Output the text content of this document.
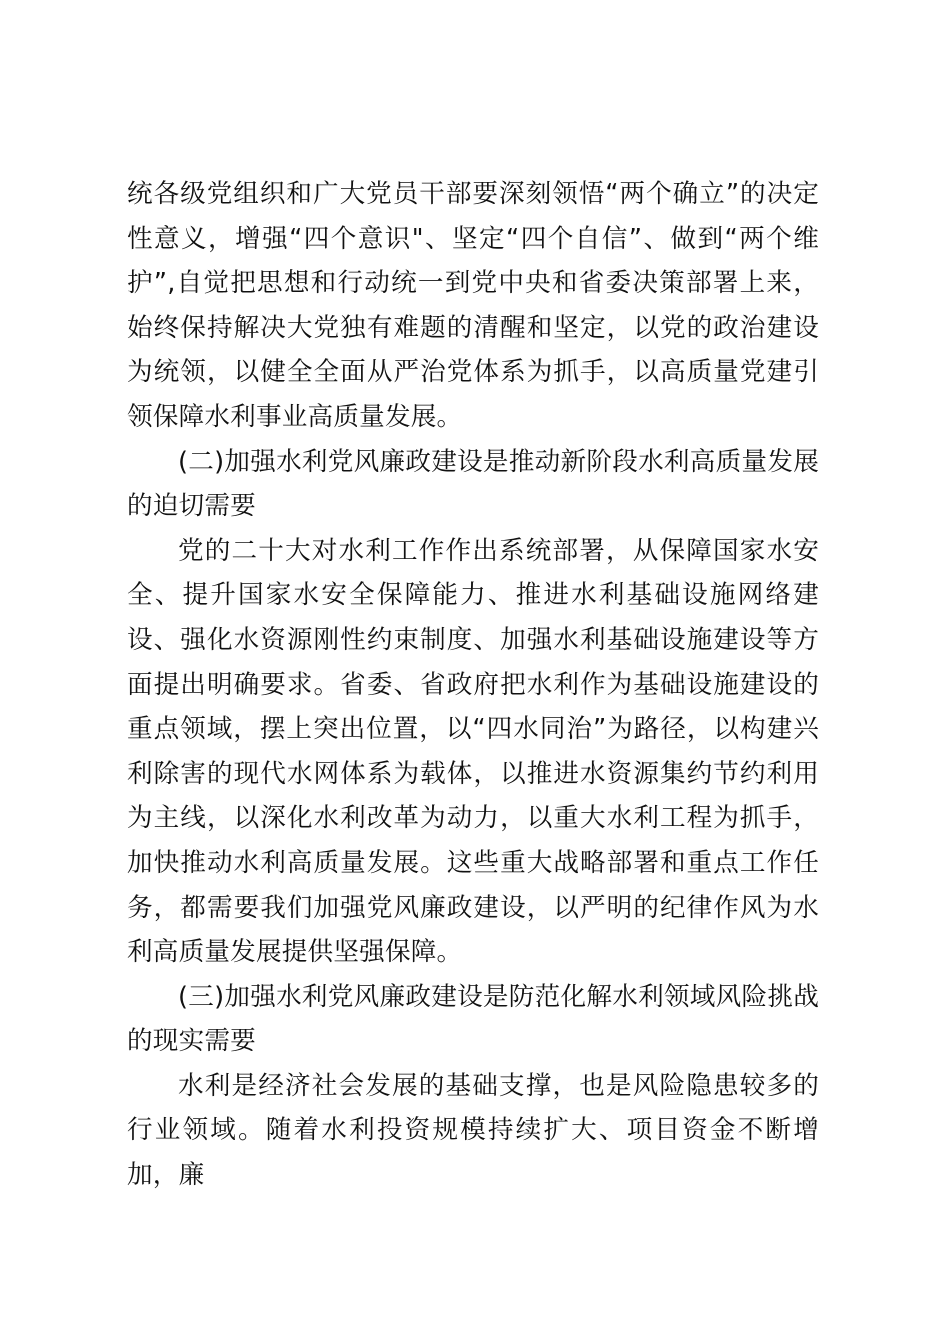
统各级党组织和广大党员干部要深刻领悟“两个确立”的决定性意义，增强“四个意识"、坚定“四个自信”、做到“两个维护”,自觉把思想和行动统一到党中央和省委决策部署上来，始终保持解决大党独有难题的清醒和坚定，以党的政治建设为统领，以健全全面从严治党体系为抓手，以高质量党建引领保障水利事业高质量发展。

(二)加强水利党风廉政建设是推动新阶段水利高质量发展的迫切需要

党的二十大对水利工作作出系统部署，从保障国家水安全、提升国家水安全保障能力、推进水利基础设施网络建设、强化水资源刚性约束制度、加强水利基础设施建设等方面提出明确要求。省委、省政府把水利作为基础设施建设的重点领域，摆上突出位置，以“四水同治”为路径，以构建兴利除害的现代水网体系为载体，以推进水资源集约节约利用为主线，以深化水利改革为动力，以重大水利工程为抓手，加快推动水利高质量发展。这些重大战略部署和重点工作任务，都需要我们加强党风廉政建设，以严明的纪律作风为水利高质量发展提供坚强保障。

(三)加强水利党风廉政建设是防范化解水利领域风险挑战的现实需要

水利是经济社会发展的基础支撑，也是风险隐患较多的行业领域。随着水利投资规模持续扩大、项目资金不断增加，廉
